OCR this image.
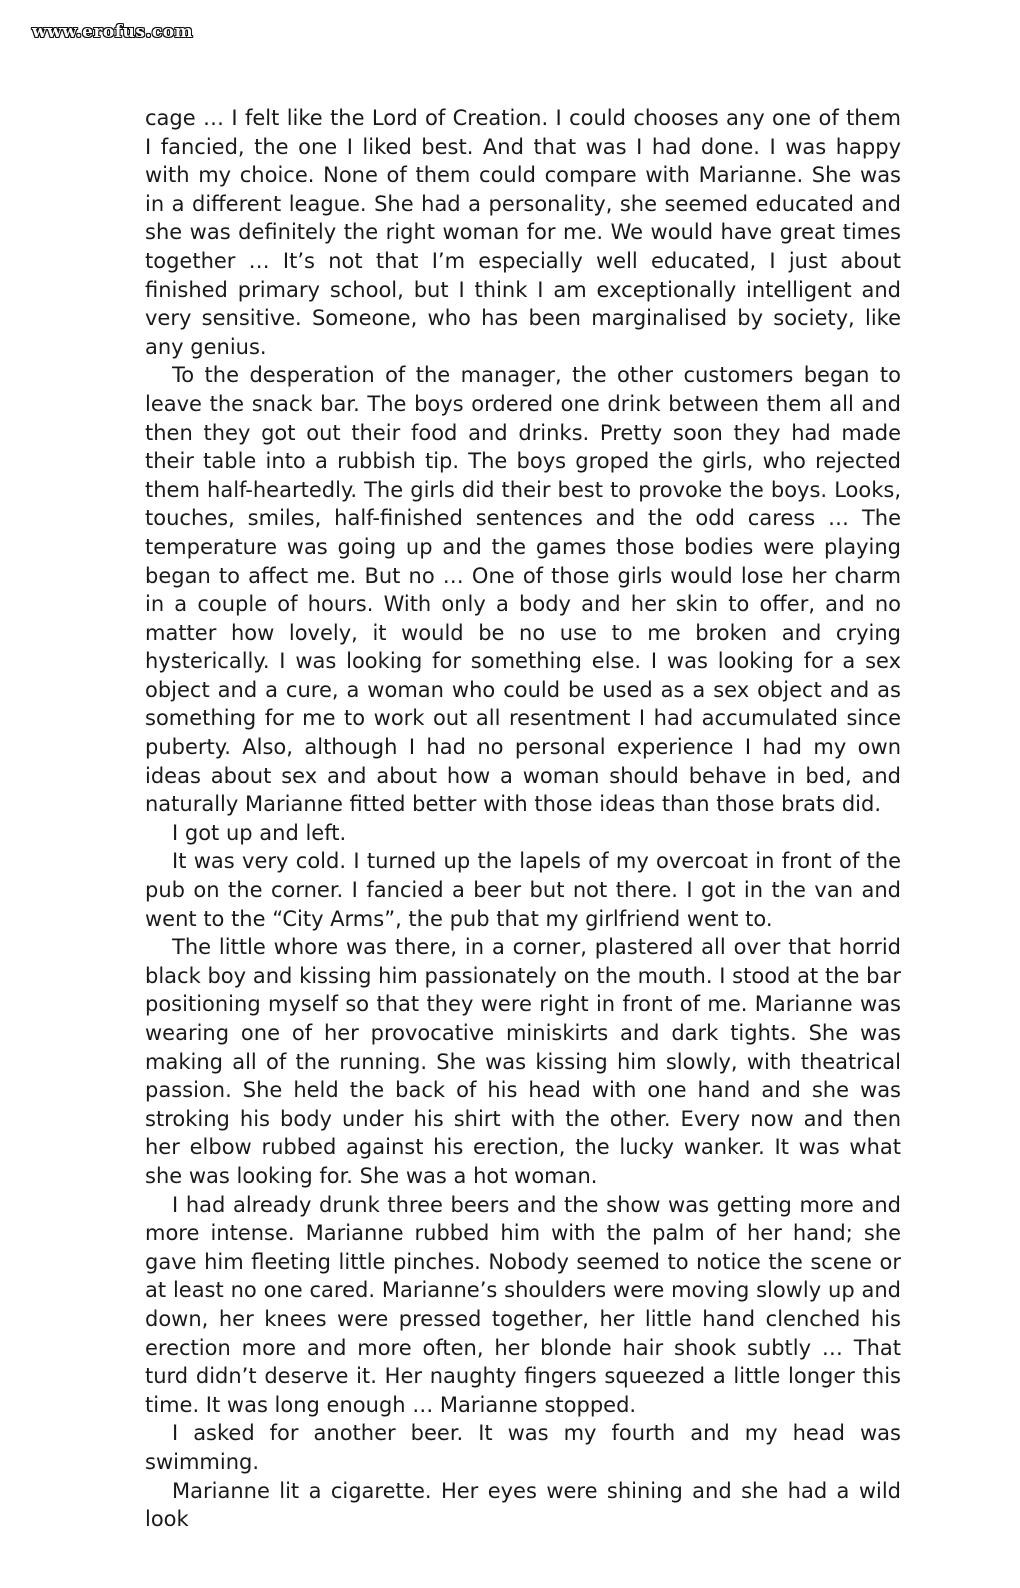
www.erofus.com

cage … I felt like the Lord of Creation. I could chooses any one of them I fancied, the one I liked best. And that was I had done. I was happy with my choice. None of them could compare with Marianne. She was in a different league. She had a personality, she seemed educated and she was definitely the right woman for me. We would have great times together … It’s not that I’m especially well educated, I just about finished primary school, but I think I am exceptionally intelligent and very sensitive. Someone, who has been marginalised by society, like any genius.

To the desperation of the manager, the other customers began to leave the snack bar. The boys ordered one drink between them all and then they got out their food and drinks. Pretty soon they had made their table into a rubbish tip. The boys groped the girls, who rejected them half-heartedly. The girls did their best to provoke the boys. Looks, touches, smiles, half-finished sentences and the odd caress … The temperature was going up and the games those bodies were playing began to affect me. But no … One of those girls would lose her charm in a couple of hours. With only a body and her skin to offer, and no matter how lovely, it would be no use to me broken and crying hysterically. I was looking for something else. I was looking for a sex object and a cure, a woman who could be used as a sex object and as something for me to work out all resentment I had accumulated since puberty. Also, although I had no personal experience I had my own ideas about sex and about how a woman should behave in bed, and naturally Marianne fitted better with those ideas than those brats did.

I got up and left.

It was very cold. I turned up the lapels of my overcoat in front of the pub on the corner. I fancied a beer but not there. I got in the van and went to the “City Arms”, the pub that my girlfriend went to.

The little whore was there, in a corner, plastered all over that horrid black boy and kissing him passionately on the mouth. I stood at the bar positioning myself so that they were right in front of me. Marianne was wearing one of her provocative miniskirts and dark tights. She was making all of the running. She was kissing him slowly, with theatrical passion. She held the back of his head with one hand and she was stroking his body under his shirt with the other. Every now and then her elbow rubbed against his erection, the lucky wanker. It was what she was looking for. She was a hot woman.

I had already drunk three beers and the show was getting more and more intense. Marianne rubbed him with the palm of her hand; she gave him fleeting little pinches. Nobody seemed to notice the scene or at least no one cared. Marianne’s shoulders were moving slowly up and down, her knees were pressed together, her little hand clenched his erection more and more often, her blonde hair shook subtly … That turd didn’t deserve it. Her naughty fingers squeezed a little longer this time. It was long enough … Marianne stopped.

I asked for another beer. It was my fourth and my head was swimming.

Marianne lit a cigarette. Her eyes were shining and she had a wild look
